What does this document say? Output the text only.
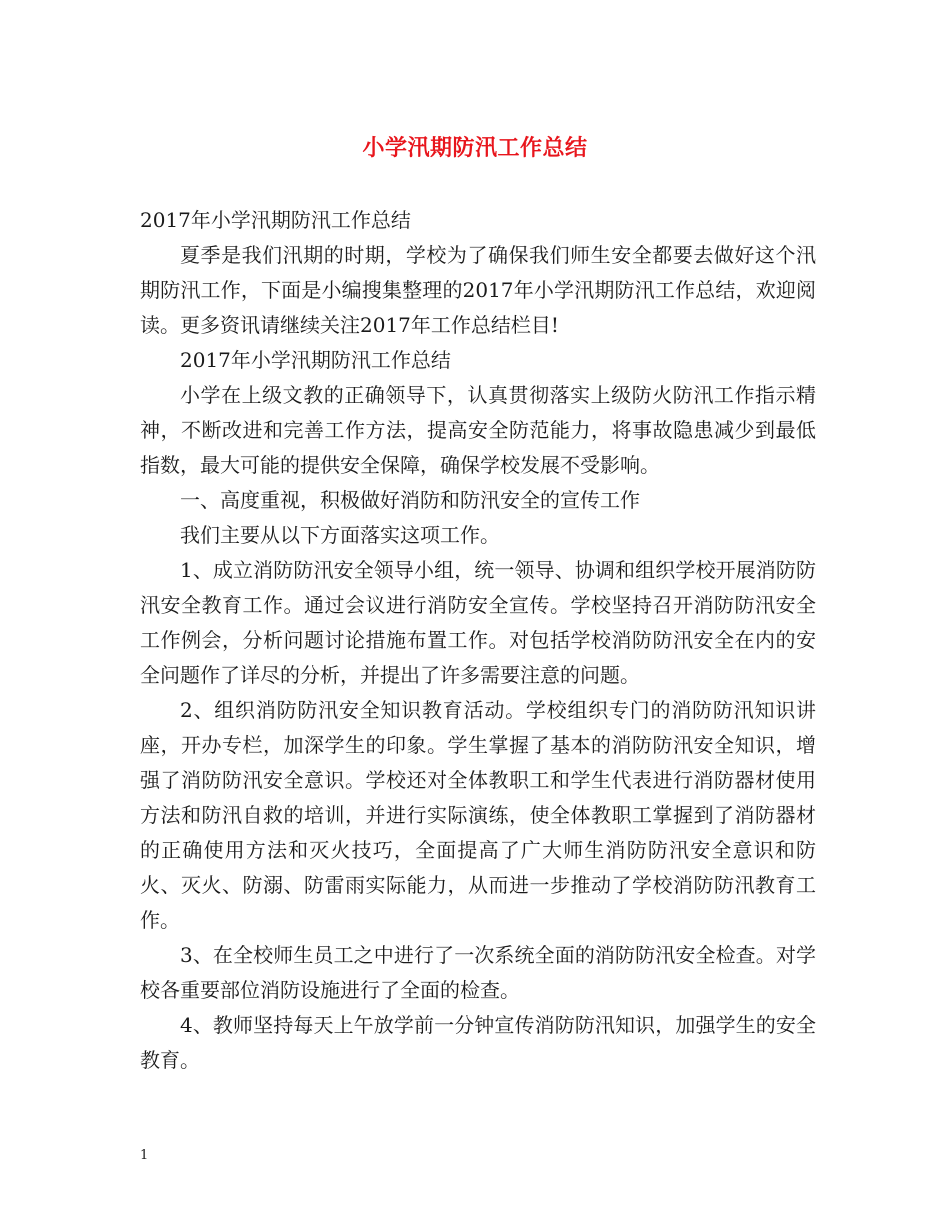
小学汛期防汛工作总结

2017年小学汛期防汛工作总结

夏季是我们汛期的时期，学校为了确保我们师生安全都要去做好这个汛期防汛工作，下面是小编搜集整理的2017年小学汛期防汛工作总结，欢迎阅读。更多资讯请继续关注2017年工作总结栏目!

2017年小学汛期防汛工作总结

小学在上级文教的正确领导下，认真贯彻落实上级防火防汛工作指示精神，不断改进和完善工作方法，提高安全防范能力，将事故隐患减少到最低指数，最大可能的提供安全保障，确保学校发展不受影响。

一、高度重视，积极做好消防和防汛安全的宣传工作

我们主要从以下方面落实这项工作。

1、成立消防防汛安全领导小组，统一领导、协调和组织学校开展消防防汛安全教育工作。通过会议进行消防安全宣传。学校坚持召开消防防汛安全工作例会，分析问题讨论措施布置工作。对包括学校消防防汛安全在内的安全问题作了详尽的分析，并提出了许多需要注意的问题。

2、组织消防防汛安全知识教育活动。学校组织专门的消防防汛知识讲座，开办专栏，加深学生的印象。学生掌握了基本的消防防汛安全知识，增强了消防防汛安全意识。学校还对全体教职工和学生代表进行消防器材使用方法和防汛自救的培训，并进行实际演练，使全体教职工掌握到了消防器材的正确使用方法和灭火技巧，全面提高了广大师生消防防汛安全意识和防火、灭火、防溺、防雷雨实际能力，从而进一步推动了学校消防防汛教育工作。

3、在全校师生员工之中进行了一次系统全面的消防防汛安全检查。对学校各重要部位消防设施进行了全面的检查。

4、教师坚持每天上午放学前一分钟宣传消防防汛知识，加强学生的安全教育。

1
